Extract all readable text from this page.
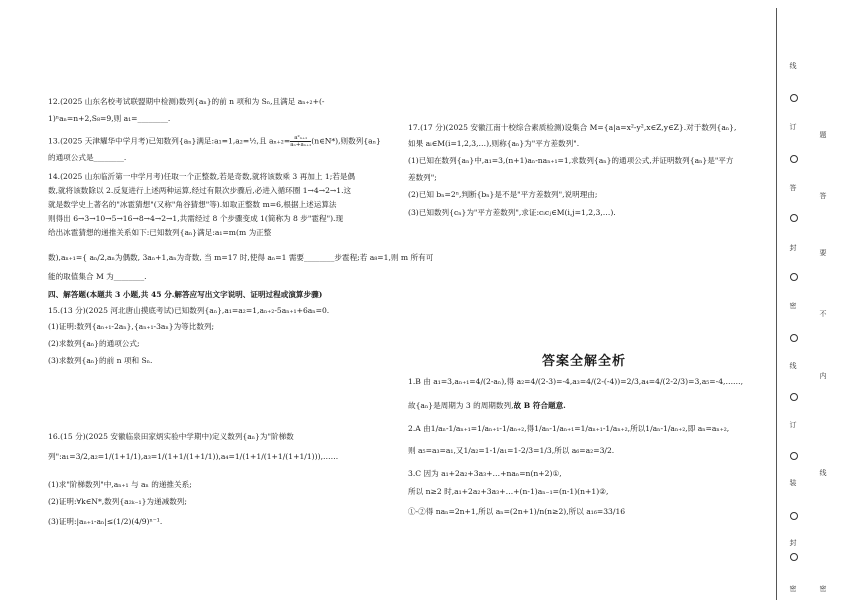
12.(2025 山东名校考试联盟期中检测)数列{aₙ}的前 n 项和为 Sₙ,且满足 aₙ₊₂+(-

1)ⁿaₙ=n+2,S₈=9,则 a₁=________.

13.(2025 天津耀华中学月考)已知数列{aₙ}满足:a₁=1,a₂=½,且 $a_{n+2}= \frac{\text{a²ₙ₊₁}}{\text{aₙ+aₙ₊₁}}$ (n∈N*),则数列{aₙ}

的通项公式是________.

14.(2025 山东临沂第一中学月考)任取一个正整数,若是奇数,就将该数乘 3 再加上 1;若是偶

数,就将该数除以 2.反复进行上述两种运算,经过有限次步骤后,必进入循环圈 1→4→2→1.这

就是数学史上著名的"冰雹猜想"(又称"角谷猜想"等).如取正整数 m=6,根据上述运算法

则得出 6→3→10→5→16→8→4→2→1,共需经过 8 个步骤变成 1(简称为 8 步"雹程").现

给出冰雹猜想的递推关系如下:已知数列{aₙ}满足:a₁=m(m 为正整

数),aₙ₊₁={ aₙ/2,aₙ为偶数, 3aₙ+1,aₙ为奇数, 当 m=17 时,使得 aₙ=1 需要________步雹程;若 a₈=1,则 m 所有可

能的取值集合 M 为________.

四、解答题(本题共 3 小题,共 45 分.解答应写出文字说明、证明过程或演算步骤)

15.(13 分)(2025 河北唐山摸底考试)已知数列{aₙ},a₁=a₂=1,aₙ₊₂-5aₙ₊₁+6aₙ=0.

(1)证明:数列{aₙ₊₁-2aₙ},{aₙ₊₁-3aₙ}为等比数列;

(2)求数列{aₙ}的通项公式;

(3)求数列{aₙ}的前 n 项和 Sₙ.

16.(15 分)(2025 安徽临泉田家炳实验中学期中)定义数列{aₙ}为"阶梯数

列":a₁=3/2,a₂=1/(1+1/1),a₃=1/(1+1/(1+1/1)),a₄=1/(1+1/(1+1/(1+1/1))),……

(1)求"阶梯数列"中,aₙ₊₁ 与 aₙ 的递推关系;

(2)证明:∀k∈N*,数列{a₂ₖ₋₁}为递减数列;

(3)证明:|aₙ₊₁-aₙ|≤(1/2)(4/9)ⁿ⁻¹.

17.(17 分)(2025 安徽江南十校综合素质检测)设集合 M={a|a=x²-y²,x∈Z,y∈Z}.对于数列{aₙ},

如果 aᵢ∈M(i=1,2,3,…),则称{aₙ}为"平方差数列".

(1)已知在数列{aₙ}中,a₁=3,(n+1)aₙ-naₙ₊₁=1,求数列{aₙ}的通项公式,并证明数列{aₙ}是"平方

差数列";

(2)已知 bₙ=2ⁿ,判断{bₙ}是不是"平方差数列",说明理由;

(3)已知数列{cₙ}为"平方差数列",求证:cᵢcⱼ∈M(i,j=1,2,3,…).

答案全解全析

1.B 由 a₁=3,aₙ₊₁=4/(2-aₙ),得 a₂=4/(2-3)=-4,a₃=4/(2-(-4))=2/3,a₄=4/(2-2/3)=3,a₅=-4,……,

故{aₙ}是周期为 3 的周期数列,故 B 符合题意.

2.A 由1/aₙ-1/aₙ₊₁=1/aₙ₊₁-1/aₙ₊₂,得1/aₙ-1/aₙ₊₁=1/aₙ₊₁-1/aₙ₊₂,所以1/aₙ-1/aₙ₊₂,即 aₙ=aₙ₊₂,

则 a₅=a₃=a₁,又1/a₂=1-1/a₁=1-2/3=1/3,所以 a₆=a₂=3/2.

3.C 因为 a₁+2a₂+3a₃+…+naₙ=n(n+2)①,

所以 n≥2 时,a₁+2a₂+3a₃+…+(n-1)aₙ₋₁=(n-1)(n+1)②,

①-②得 naₙ=2n+1,所以 aₙ=(2n+1)/n(n≥2),所以 a₁₆=33/16

线
订
答
封
密
线
订
装
封
密
题
答
要
不
内
线
密
